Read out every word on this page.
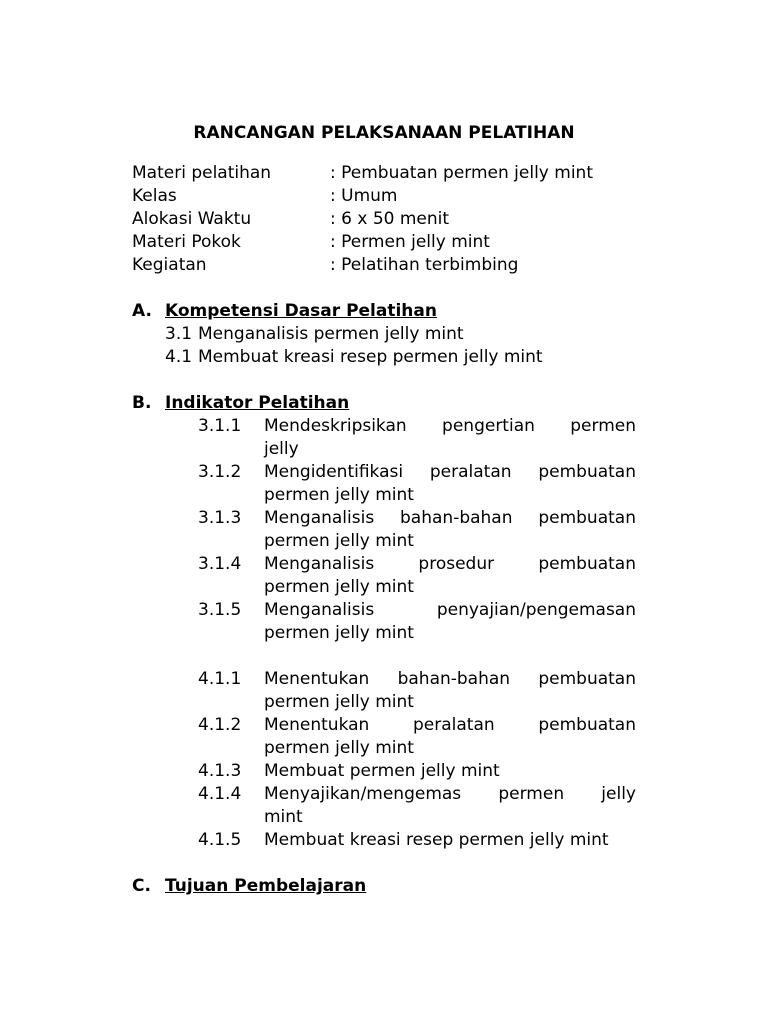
RANCANGAN PELAKSANAAN PELATIHAN
Materi pelatihan	: Pembuatan permen jelly mint
Kelas	: Umum
Alokasi Waktu	: 6 x 50 menit
Materi Pokok	: Permen jelly mint
Kegiatan	: Pelatihan terbimbing
A. Kompetensi Dasar Pelatihan
3.1 Menganalisis permen jelly mint
4.1 Membuat kreasi resep permen jelly mint
B. Indikator Pelatihan
3.1.1 Mendeskripsikan pengertian permen
jelly
3.1.2 Mengidentifikasi peralatan pembuatan
permen jelly mint
3.1.3 Menganalisis bahan-bahan pembuatan
permen jelly mint
3.1.4 Menganalisis prosedur pembuatan
permen jelly mint
3.1.5 Menganalisis penyajian/pengemasan
permen jelly mint
4.1.1 Menentukan bahan-bahan pembuatan
permen jelly mint
4.1.2 Menentukan peralatan pembuatan
permen jelly mint
4.1.3 Membuat permen jelly mint
4.1.4 Menyajikan/mengemas permen jelly
mint
4.1.5 Membuat kreasi resep permen jelly mint
C. Tujuan Pembelajaran
